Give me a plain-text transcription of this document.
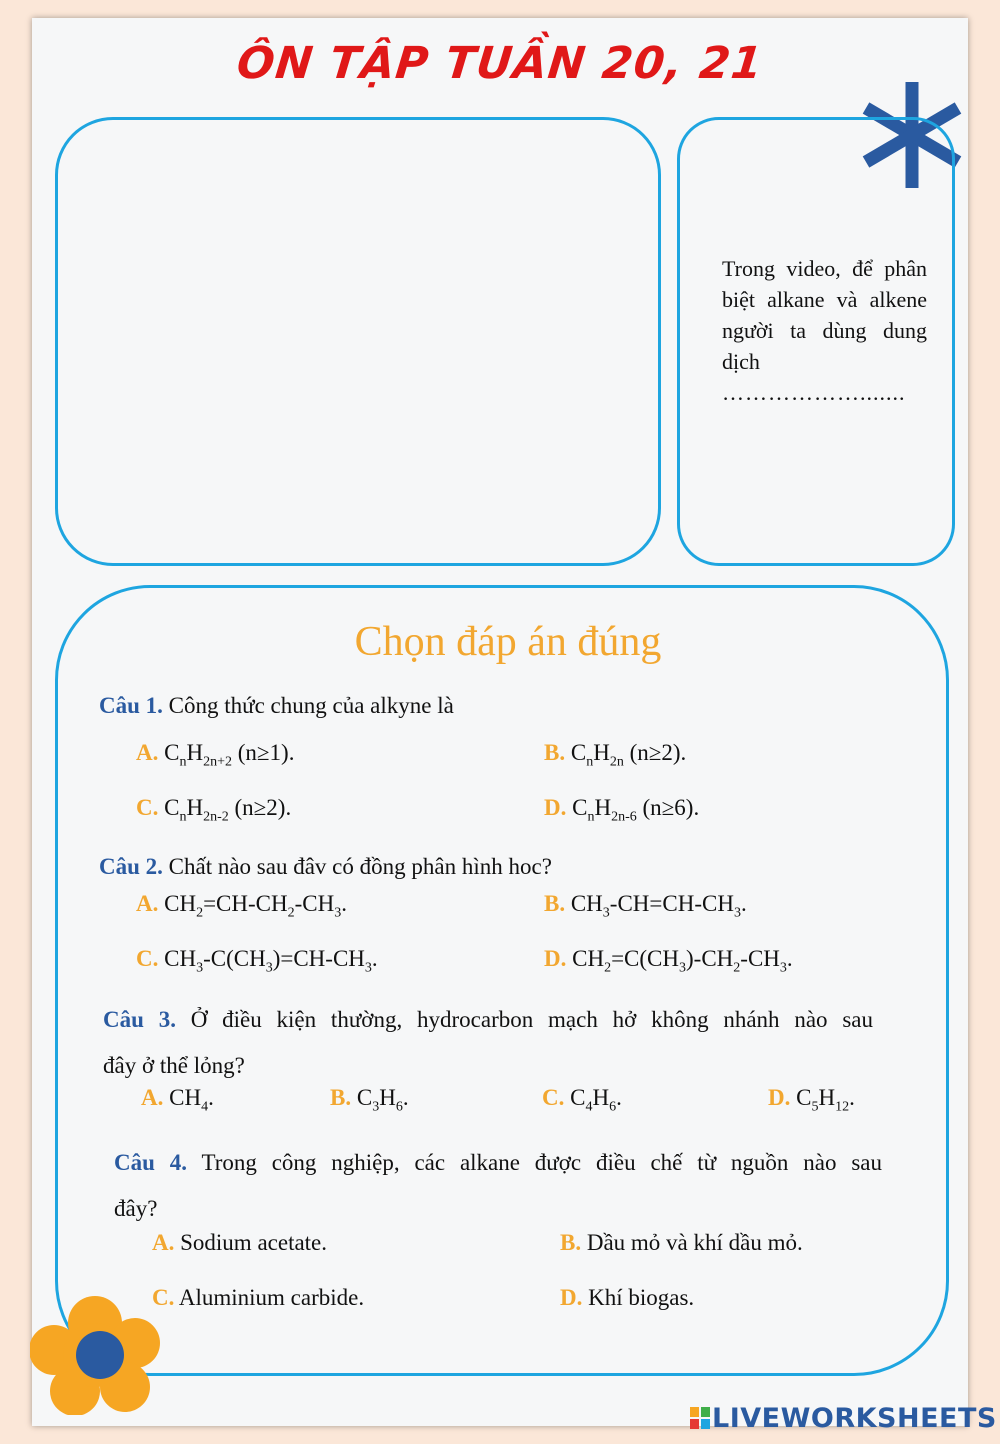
ÔN TẬP TUẦN 20, 21
Trong video, để phân biệt alkane và alkene người ta dùng dung dịch
……………….......
Chọn đáp án đúng
Câu 1. Công thức chung của alkyne là
A. $C_nH_{2n+2}$ (n≥1).	B. $C_nH_{2n}$ (n≥2).
C. $C_nH_{2n-2}$ (n≥2).	D. $C_nH_{2n-6}$ (n≥6).
Câu 2. Chất nào sau đâv có đồng phân hình hoc?
A. $CH_2=CH-CH_2-CH_3$.	B. $CH_3-CH=CH-CH_3$.
C. $CH_3-C(CH_3)=CH-CH_3$.	D. $CH_2=C(CH_3)-CH_2-CH_3$.
Câu 3. Ở điều kiện thường, hydrocarbon mạch hở không nhánh nào sau
đây ở thể lỏng?
A. $CH_4$.	B. $C_3H_6$.	C. $C_4H_6$.	D. $C_5H_{12}$.
Câu 4. Trong công nghiệp, các alkane được điều chế từ nguồn nào sau
đây?
A. Sodium acetate.	B. Dầu mỏ và khí dầu mỏ.
C. Aluminium carbide.	D. Khí biogas.
LIVEWORKSHEETS
